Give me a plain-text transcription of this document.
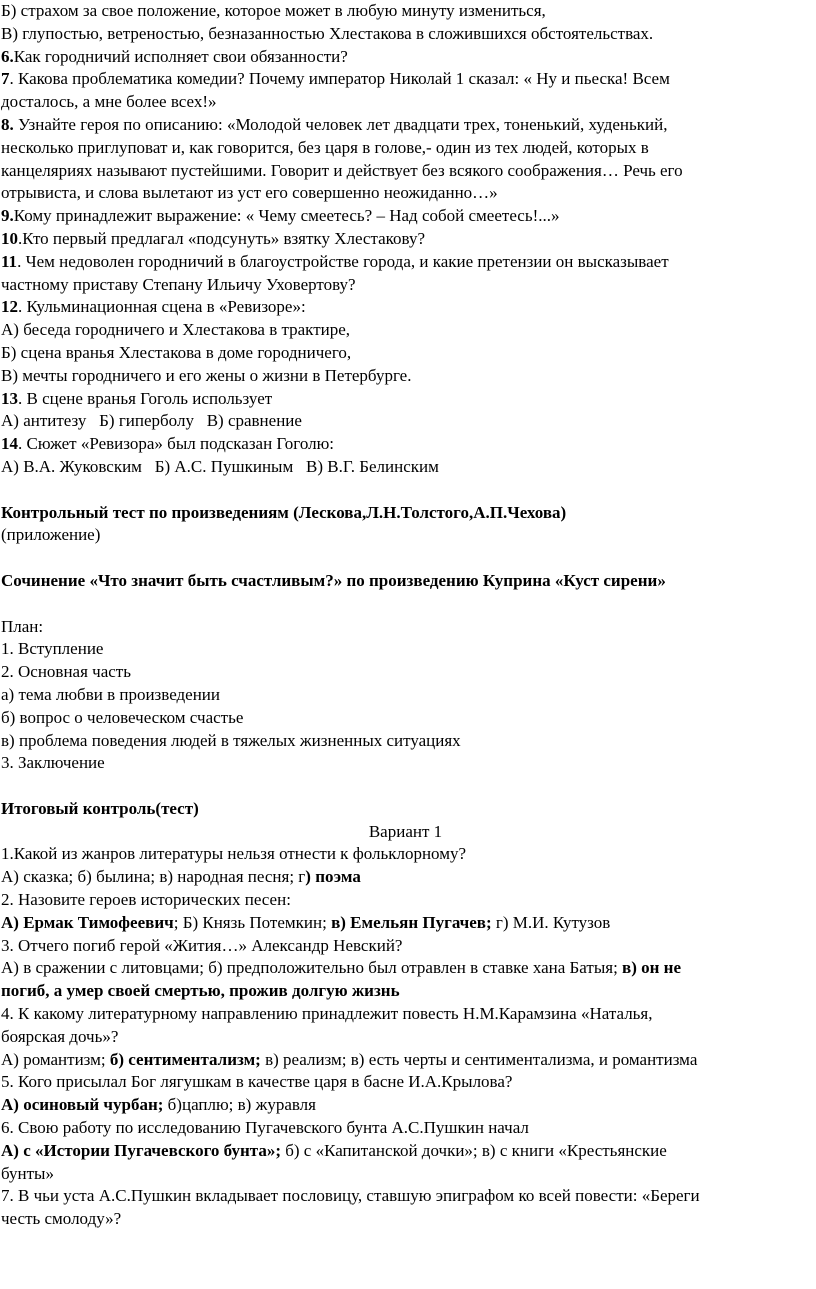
Б) страхом за свое положение, которое может в любую минуту измениться,

В) глупостью, ветреностью, безназанностью Хлестакова в сложившихся обстоятельствах.

6.Как городничий исполняет свои обязанности?

7. Какова проблематика комедии? Почему император Николай 1 сказал: « Ну и пьеска! Всем

досталось, а мне более всех!»

8. Узнайте героя по описанию: «Молодой человек лет двадцати трех, тоненький, худенький,

несколько приглуповат и, как говорится, без царя в голове,- один из тех людей, которых в

канцеляриях называют пустейшими. Говорит и действует без всякого соображения… Речь его

отрывиста, и слова вылетают из уст его совершенно неожиданно…»

9.Кому принадлежит выражение: « Чему смеетесь? – Над собой смеетесь!...»

10.Кто первый предлагал «подсунуть» взятку Хлестакову?

11. Чем недоволен городничий в благоустройстве города, и какие претензии он высказывает

частному приставу Степану Ильичу Уховертову?

12. Кульминационная сцена в «Ревизоре»:

А) беседа городничего и Хлестакова в трактире,

Б) сцена вранья Хлестакова в доме городничего,

В) мечты городничего и его жены о жизни в Петербурге.

13. В сцене вранья Гоголь использует

А) антитезу   Б) гиперболу   В) сравнение

14. Сюжет «Ревизора» был подсказан Гоголю:

А) В.А. Жуковским   Б) А.С. Пушкиным   В) В.Г. Белинским

Контрольный тест по произведениям (Лескова,Л.Н.Толстого,А.П.Чехова)

(приложение)

Сочинение «Что значит быть счастливым?» по произведению Куприна «Куст сирени»

План:

1. Вступление

2. Основная часть

а) тема любви в произведении

б) вопрос о человеческом счастье

в) проблема поведения людей в тяжелых жизненных ситуациях

3. Заключение

Итоговый контроль(тест)

Вариант 1

1.Какой из жанров литературы нельзя отнести к фольклорному?

А) сказка; б) былина; в) народная песня; г) поэма

2. Назовите героев исторических песен:

А) Ермак Тимофеевич; Б) Князь Потемкин; в) Емельян Пугачев; г) М.И. Кутузов

3. Отчего погиб герой «Жития…» Александр Невский?

А) в сражении с литовцами; б) предположительно был отравлен в ставке хана Батыя; в) он не

погиб, а умер своей смертью, прожив долгую жизнь

4. К какому литературному направлению принадлежит повесть Н.М.Карамзина «Наталья,

боярская дочь»?

А) романтизм; б) сентиментализм; в) реализм; в) есть черты и сентиментализма, и романтизма

5. Кого присылал Бог лягушкам в качестве царя в басне И.А.Крылова?

А) осиновый чурбан; б)цаплю; в) журавля

6. Свою работу по исследованию Пугачевского бунта А.С.Пушкин начал

А) с «Истории Пугачевского бунта»; б) с «Капитанской дочки»; в) с книги «Крестьянские

бунты»

7. В чьи уста А.С.Пушкин вкладывает пословицу, ставшую эпиграфом ко всей повести: «Береги

честь смолоду»?
